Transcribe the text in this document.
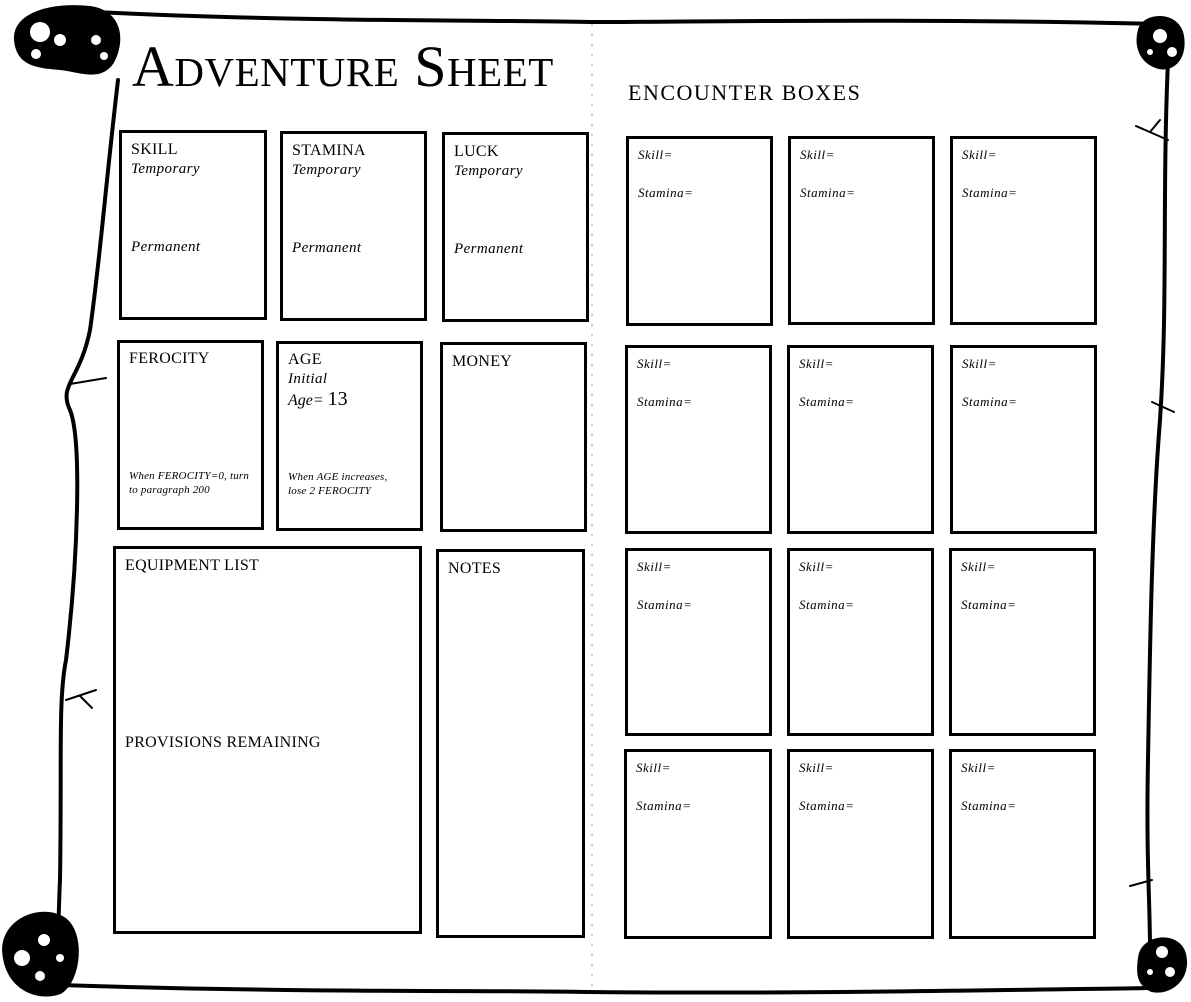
Adventure Sheet	ENCOUNTER BOXES
SKILL
Temporary
Permanent
STAMINA
Temporary
Permanent
LUCK
Temporary
Permanent
FEROCITY
When FEROCITY=0, turn to paragraph 200
AGE
Initial
Age= 13
When AGE increases, lose 2 FEROCITY
MONEY
EQUIPMENT LIST
PROVISIONS REMAINING
NOTES
Skill=
Stamina=
Skill=
Stamina=
Skill=
Stamina=
Skill=
Stamina=
Skill=
Stamina=
Skill=
Stamina=
Skill=
Stamina=
Skill=
Stamina=
Skill=
Stamina=
Skill=
Stamina=
Skill=
Stamina=
Skill=
Stamina=
